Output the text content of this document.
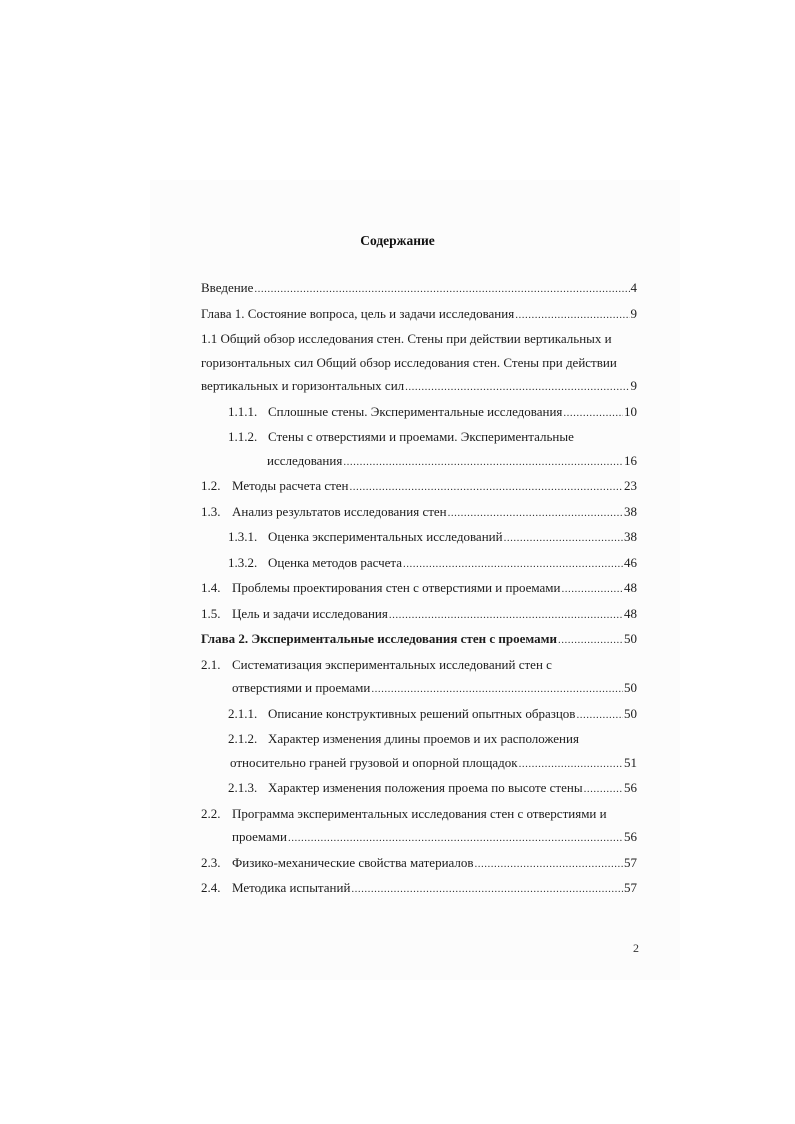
Содержание
Введение .....	4
Глава 1. Состояние вопроса, цель и задачи исследования .....	9
1.1 Общий обзор исследования стен. Стены при действии вертикальных и
горизонтальных сил Общий обзор исследования стен. Стены при действии
вертикальных и горизонтальных сил .....	9
1.1.1. Сплошные стены. Экспериментальные исследования .....	10
1.1.2. Стены с отверстиями и проемами. Экспериментальные
исследования .....	16
1.2. Методы расчета стен .....	23
1.3. Анализ результатов исследования стен .....	38
1.3.1. Оценка экспериментальных исследований .....	38
1.3.2. Оценка методов расчета .....	46
1.4. Проблемы проектирования стен с отверстиями и проемами .....	48
1.5. Цель и задачи исследования .....	48
Глава 2. Экспериментальные исследования стен с проемами .....	50
2.1. Систематизация экспериментальных исследований стен с
отверстиями и проемами .....	50
2.1.1. Описание конструктивных решений опытных образцов .....	50
2.1.2. Характер изменения длины проемов и их расположения
относительно граней грузовой и опорной площадок .....	51
2.1.3. Характер изменения положения проема по высоте стены .....	56
2.2. Программа экспериментальных исследования стен с отверстиями и
проемами .....	56
2.3. Физико-механические свойства материалов .....	57
2.4. Методика испытаний .....	57
2
